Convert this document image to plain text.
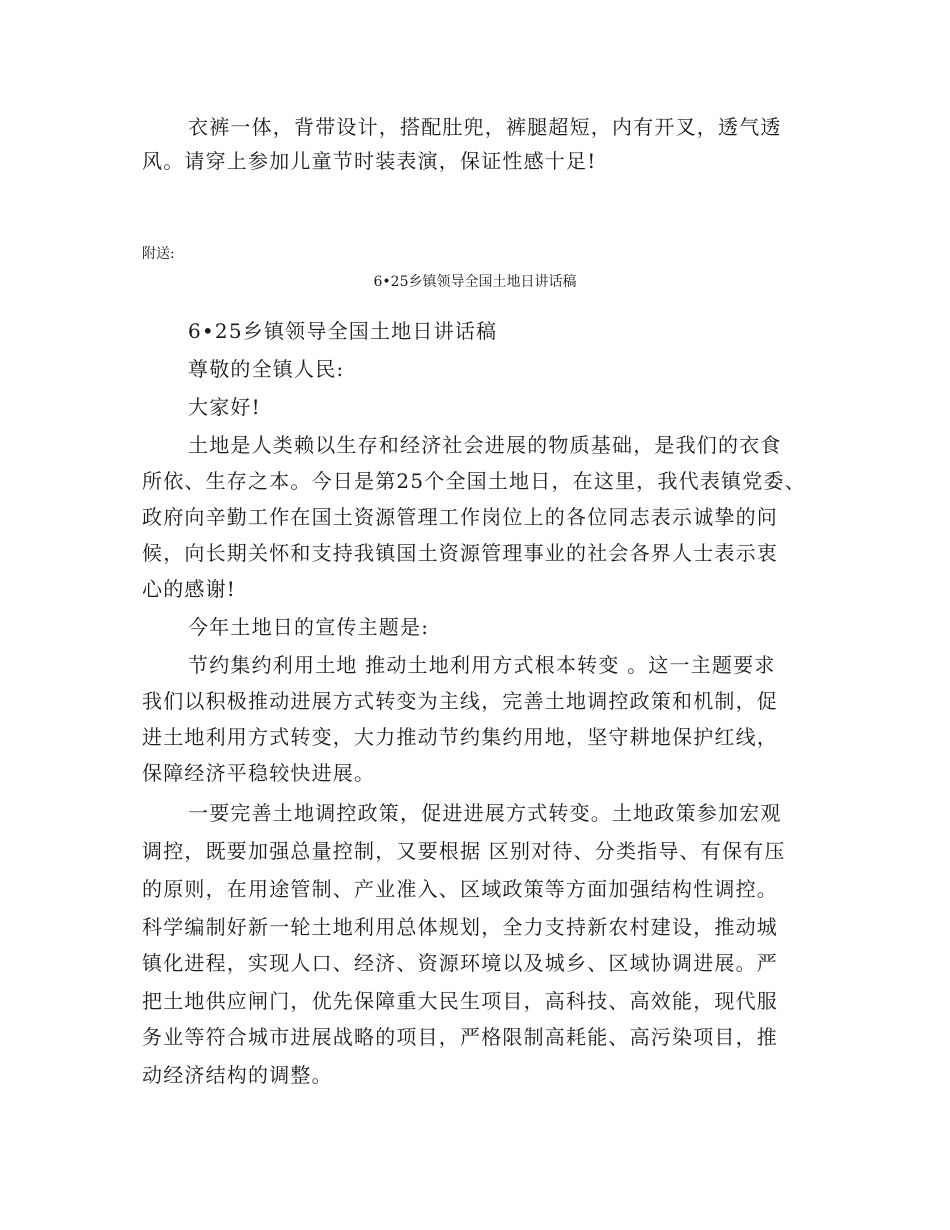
衣裤一体，背带设计，搭配肚兜，裤腿超短，内有开叉，透气透
风。请穿上参加儿童节时装表演，保证性感十足!
附送:
6•25乡镇领导全国土地日讲话稿
6•25乡镇领导全国土地日讲话稿
尊敬的全镇人民:
大家好!
土地是人类赖以生存和经济社会进展的物质基础，是我们的衣食
所依、生存之本。今日是第25个全国土地日，在这里，我代表镇党委、
政府向辛勤工作在国土资源管理工作岗位上的各位同志表示诚挚的问
候，向长期关怀和支持我镇国土资源管理事业的社会各界人士表示衷
心的感谢!
今年土地日的宣传主题是:
节约集约利用土地 推动土地利用方式根本转变 。这一主题要求
我们以积极推动进展方式转变为主线，完善土地调控政策和机制，促
进土地利用方式转变，大力推动节约集约用地，坚守耕地保护红线，
保障经济平稳较快进展。
一要完善土地调控政策，促进进展方式转变。土地政策参加宏观
调控，既要加强总量控制，又要根据 区别对待、分类指导、有保有压
的原则，在用途管制、产业准入、区域政策等方面加强结构性调控。
科学编制好新一轮土地利用总体规划，全力支持新农村建设，推动城
镇化进程，实现人口、经济、资源环境以及城乡、区域协调进展。严
把土地供应闸门，优先保障重大民生项目，高科技、高效能，现代服
务业等符合城市进展战略的项目，严格限制高耗能、高污染项目，推
动经济结构的调整。
